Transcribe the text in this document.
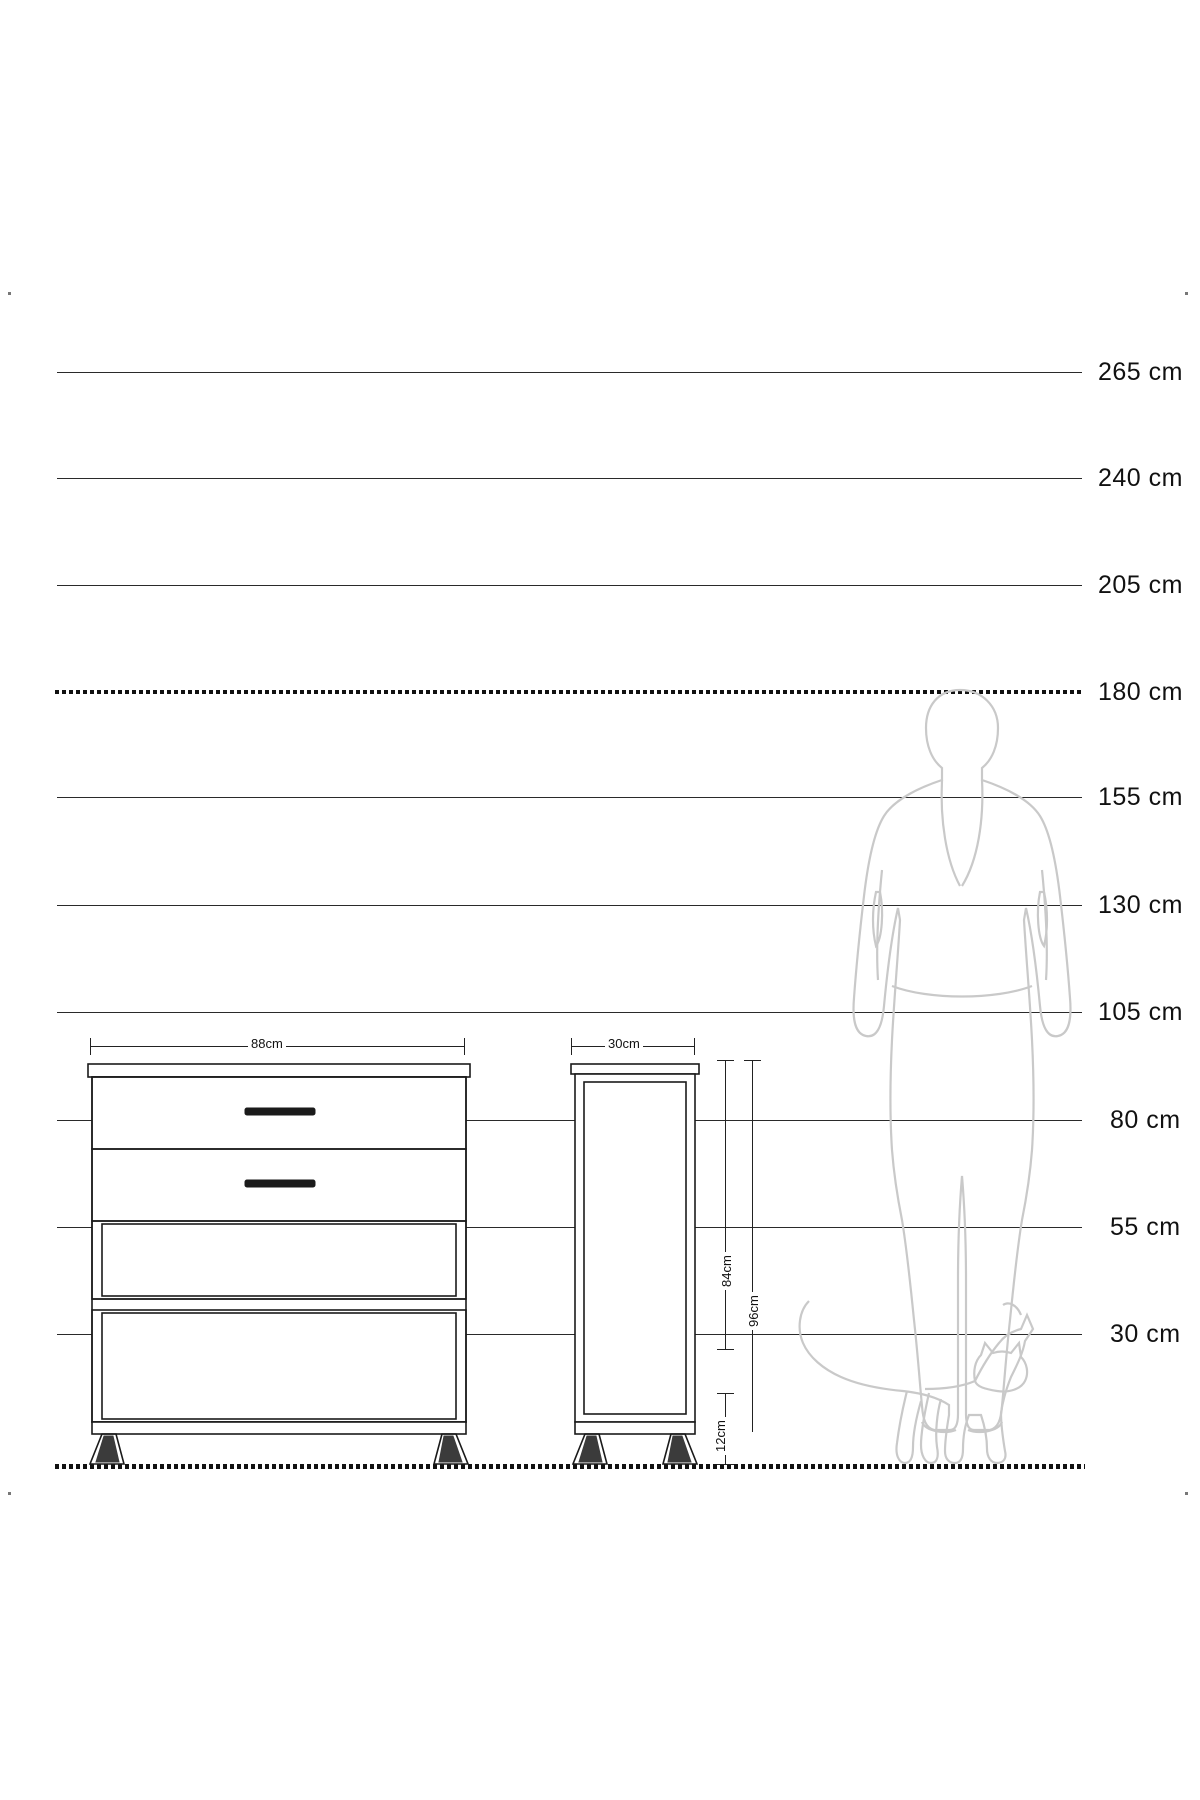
265 cm
240 cm
205 cm
180 cm
155 cm
130 cm
105 cm
80 cm
55 cm
30 cm
88cm	30cm
84cm
96cm
12cm
